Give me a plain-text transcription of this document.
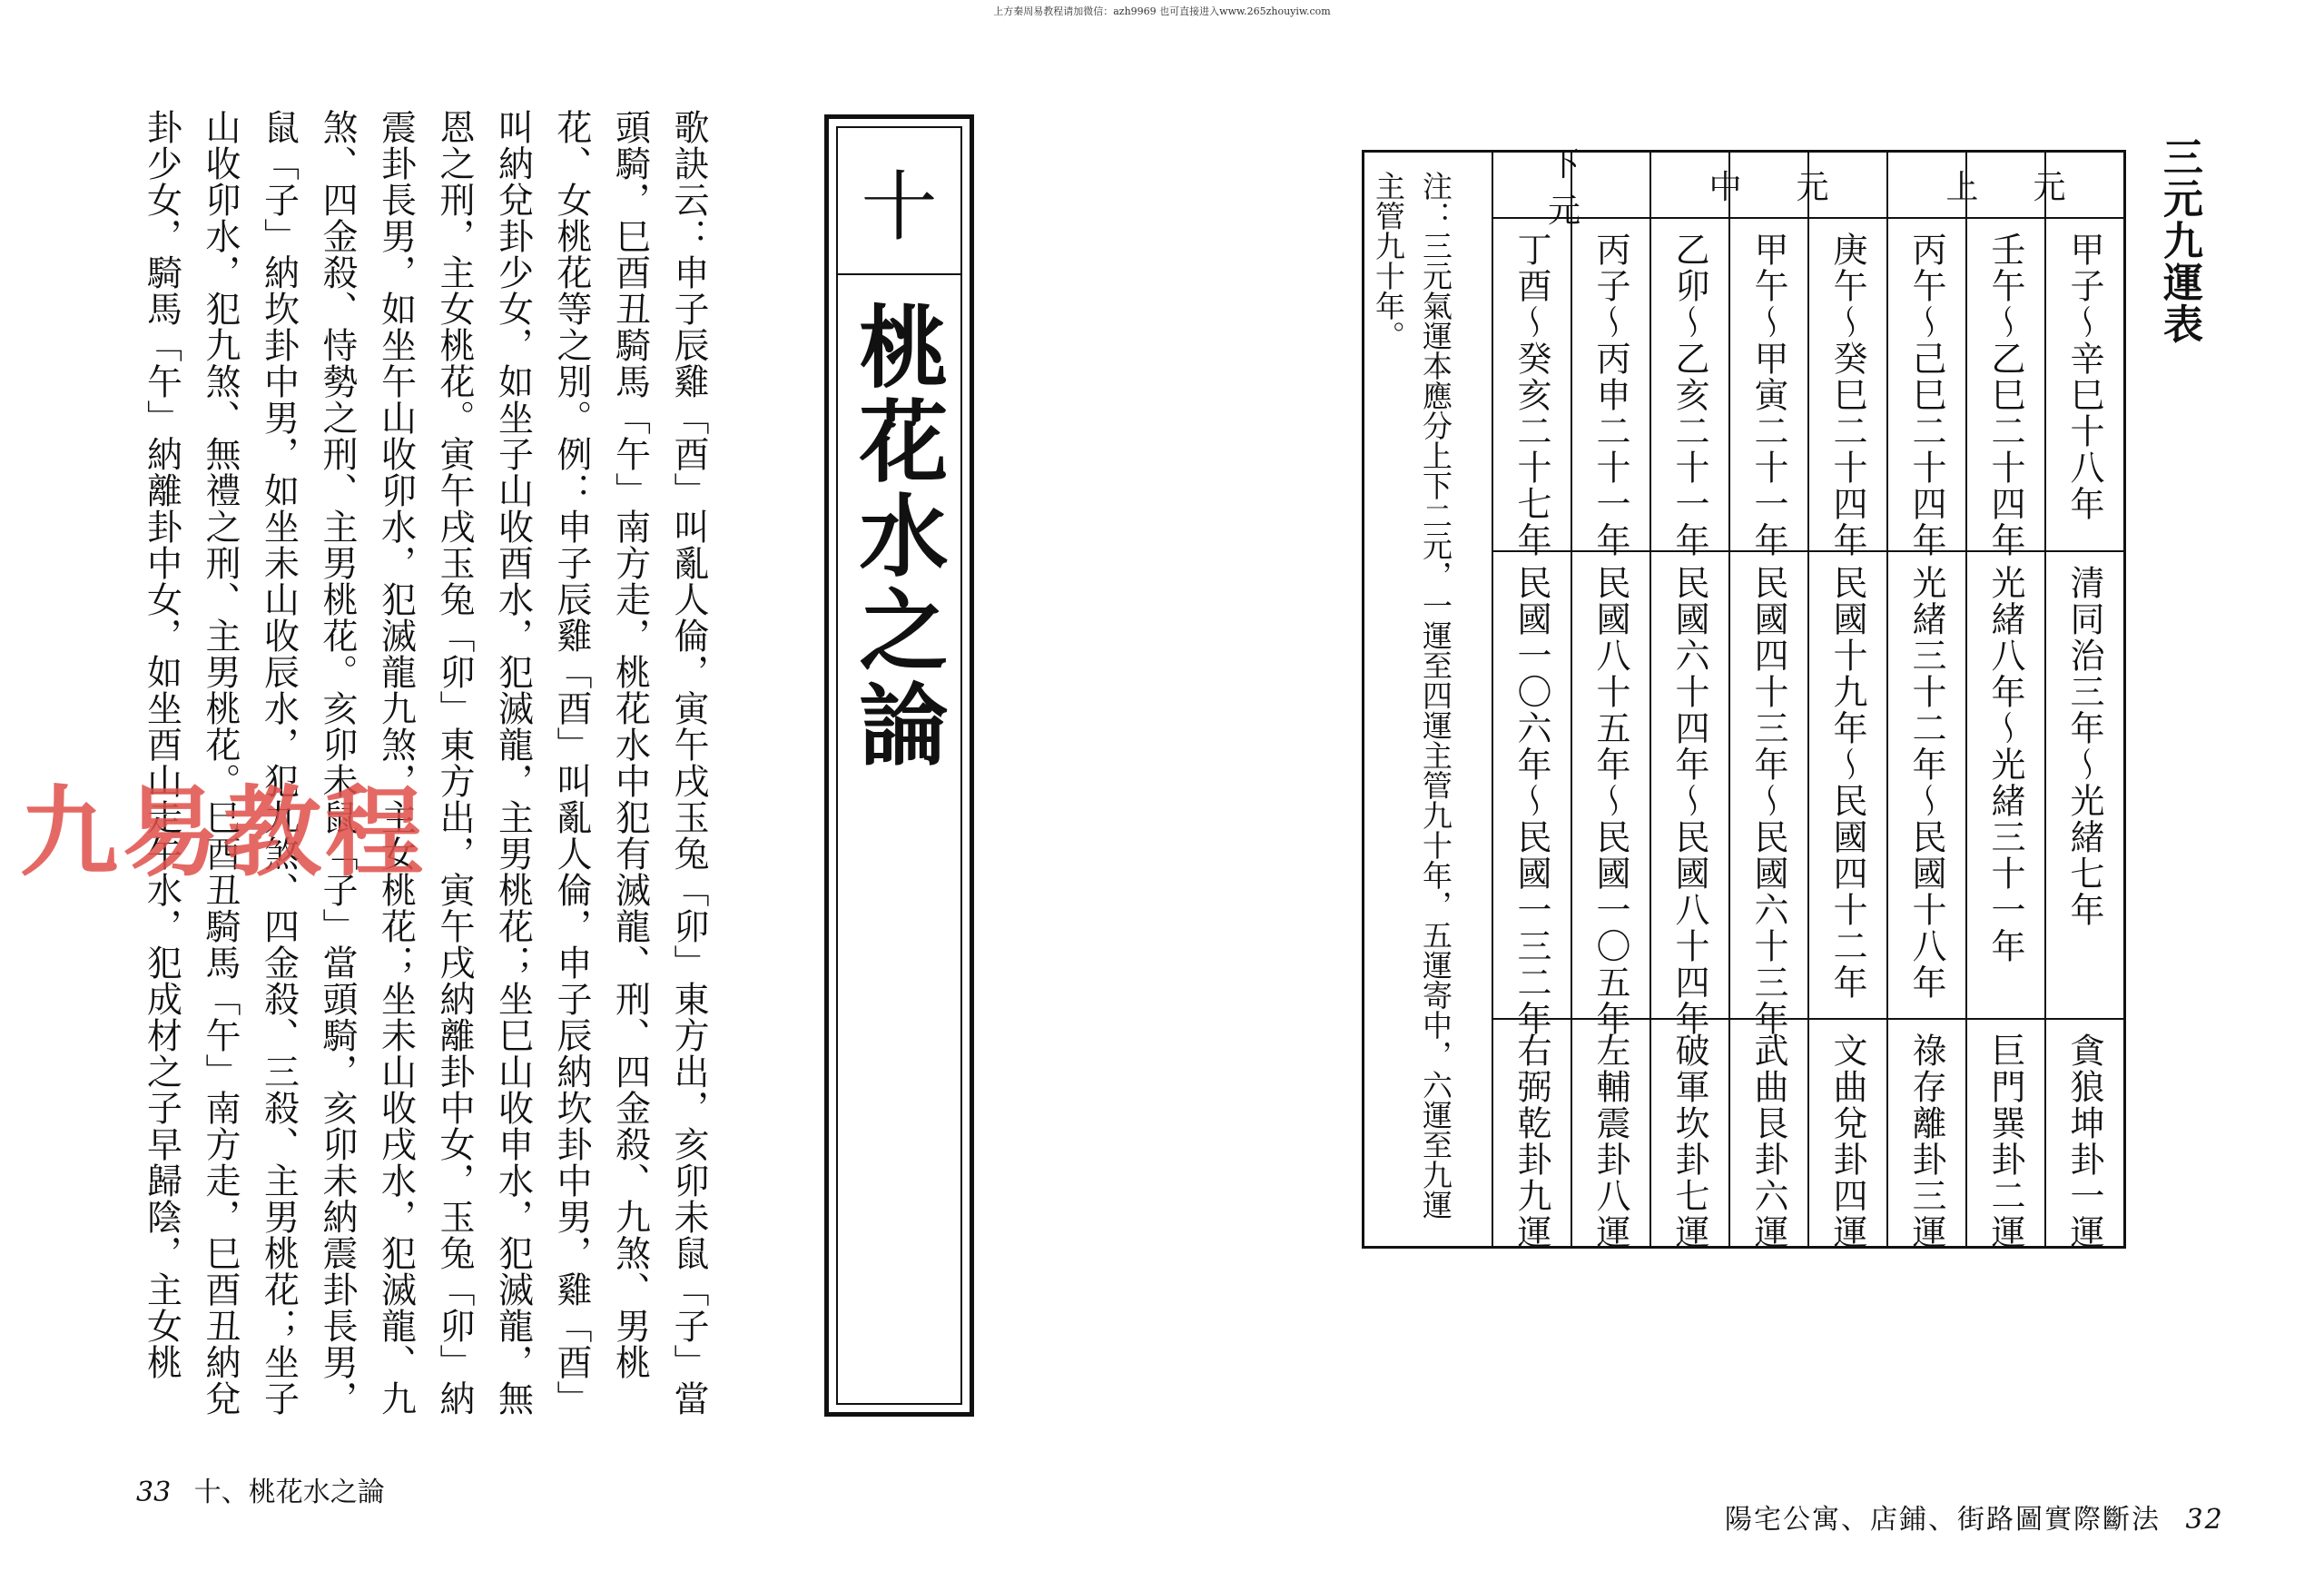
上方秦周易教程请加微信：azh9969 也可直接进入www.265zhouyiw.com
三元九運表
注：三元氣運本應分上下二元，一運至四運主管九十年，五運寄中，六運至九運主管九十年。	甲子～辛巳十八年
清同治三年～光緒七年
貪狼坤卦一運
壬午～乙巳二十四年
光緒八年～光緒三十一年
巨門巽卦二運
丙午～己巳二十四年
光緒三十二年～民國十八年
祿存離卦三運
庚午～癸巳二十四年
民國十九年～民國四十二年
文曲兌卦四運
甲午～甲寅二十一年
民國四十三年～民國六十三年
武曲艮卦六運
乙卯～乙亥二十一年
民國六十四年～民國八十四年
破軍坎卦七運
丙子～丙申二十一年
民國八十五年～民國一〇五年
左輔震卦八運
丁酉～癸亥二十七年
民國一〇六年～民國一三二年
右弼乾卦九運
上元
中元
下元
十
桃花水之論
歌訣云：申子辰雞「酉」叫亂人倫，寅午戌玉兔「卯」東方出，亥卯未鼠「子」當頭騎，巳酉丑騎馬「午」南方走，桃花水中犯有滅龍、刑、四金殺、九煞、男桃花、女桃花等之別。例：申子辰雞「酉」叫亂人倫，申子辰納坎卦中男，雞「酉」叫納兌卦少女，如坐子山收酉水，犯滅龍，主男桃花；坐巳山收申水，犯滅龍，無恩之刑，主女桃花。寅午戌玉兔「卯」東方出，寅午戌納離卦中女，玉兔「卯」納震卦長男，如坐午山收卯水，犯滅龍九煞，主女桃花；坐未山收戌水，犯滅龍、九煞、四金殺、恃勢之刑、主男桃花。亥卯未鼠「子」當頭騎，亥卯未納震卦長男，鼠「子」納坎卦中男，如坐未山收辰水，犯九煞、四金殺、三殺、主男桃花；坐子山收卯水，犯九煞、無禮之刑、主男桃花。巳酉丑騎馬「午」南方走，巳酉丑納兌卦少女，騎馬「午」納離卦中女，如坐酉山走午水，犯成材之子早歸陰，主女桃
九易教程
33 十、桃花水之論
陽宅公寓、店鋪、街路圖實際斷法 32
